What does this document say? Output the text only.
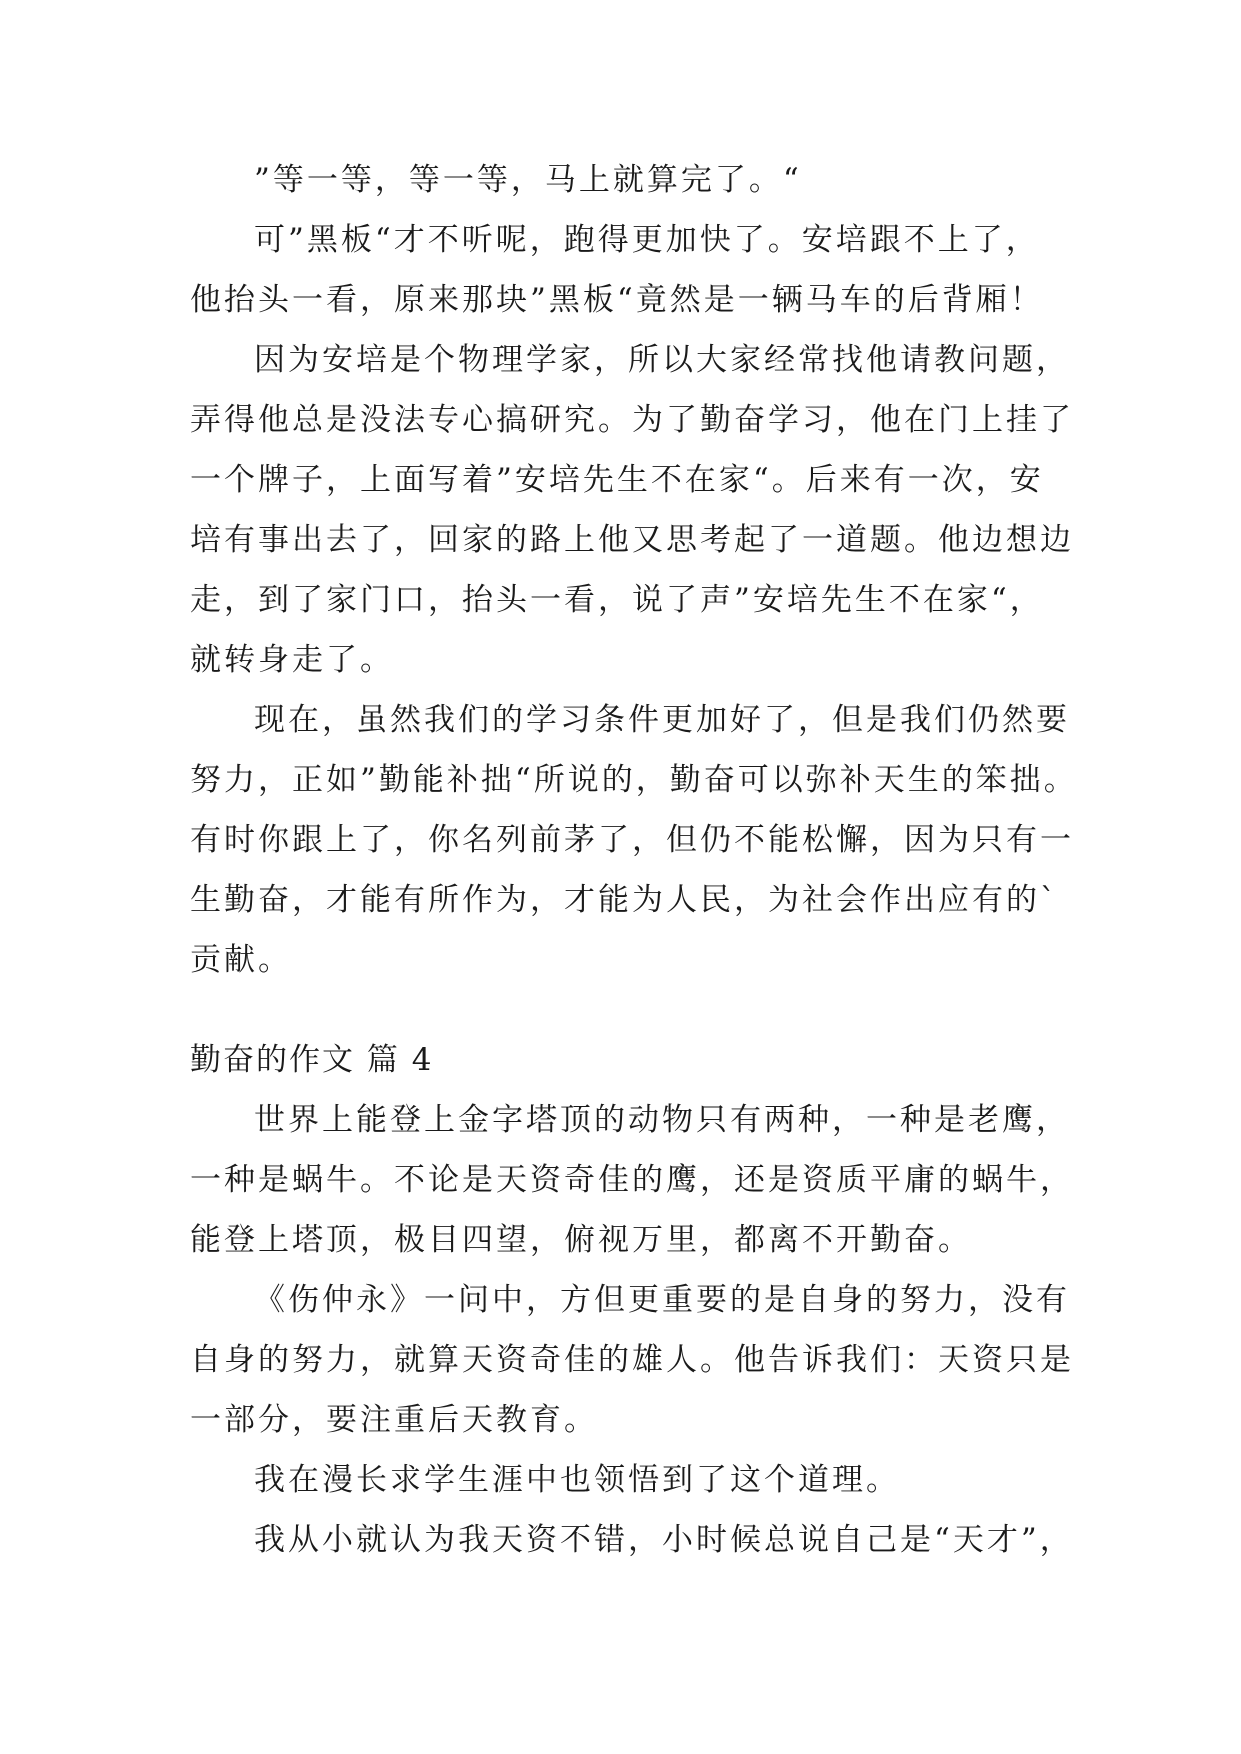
”等一等，等一等，马上就算完了。“
可”黑板“才不听呢，跑得更加快了。安培跟不上了，
他抬头一看，原来那块”黑板“竟然是一辆马车的后背厢！
因为安培是个物理学家，所以大家经常找他请教问题，
弄得他总是没法专心搞研究。为了勤奋学习，他在门上挂了
一个牌子，上面写着”安培先生不在家“。后来有一次，安
培有事出去了，回家的路上他又思考起了一道题。他边想边
走，到了家门口，抬头一看，说了声”安培先生不在家“，
就转身走了。
现在，虽然我们的学习条件更加好了，但是我们仍然要
努力，正如”勤能补拙“所说的，勤奋可以弥补天生的笨拙。
有时你跟上了，你名列前茅了，但仍不能松懈，因为只有一
生勤奋，才能有所作为，才能为人民，为社会作出应有的`
贡献。
勤奋的作文 篇 4
世界上能登上金字塔顶的动物只有两种，一种是老鹰，
一种是蜗牛。不论是天资奇佳的鹰，还是资质平庸的蜗牛，
能登上塔顶，极目四望，俯视万里，都离不开勤奋。
《伤仲永》一问中，方但更重要的是自身的努力，没有
自身的努力，就算天资奇佳的雄人。他告诉我们：天资只是
一部分，要注重后天教育。
我在漫长求学生涯中也领悟到了这个道理。
我从小就认为我天资不错，小时候总说自己是“天才”，
